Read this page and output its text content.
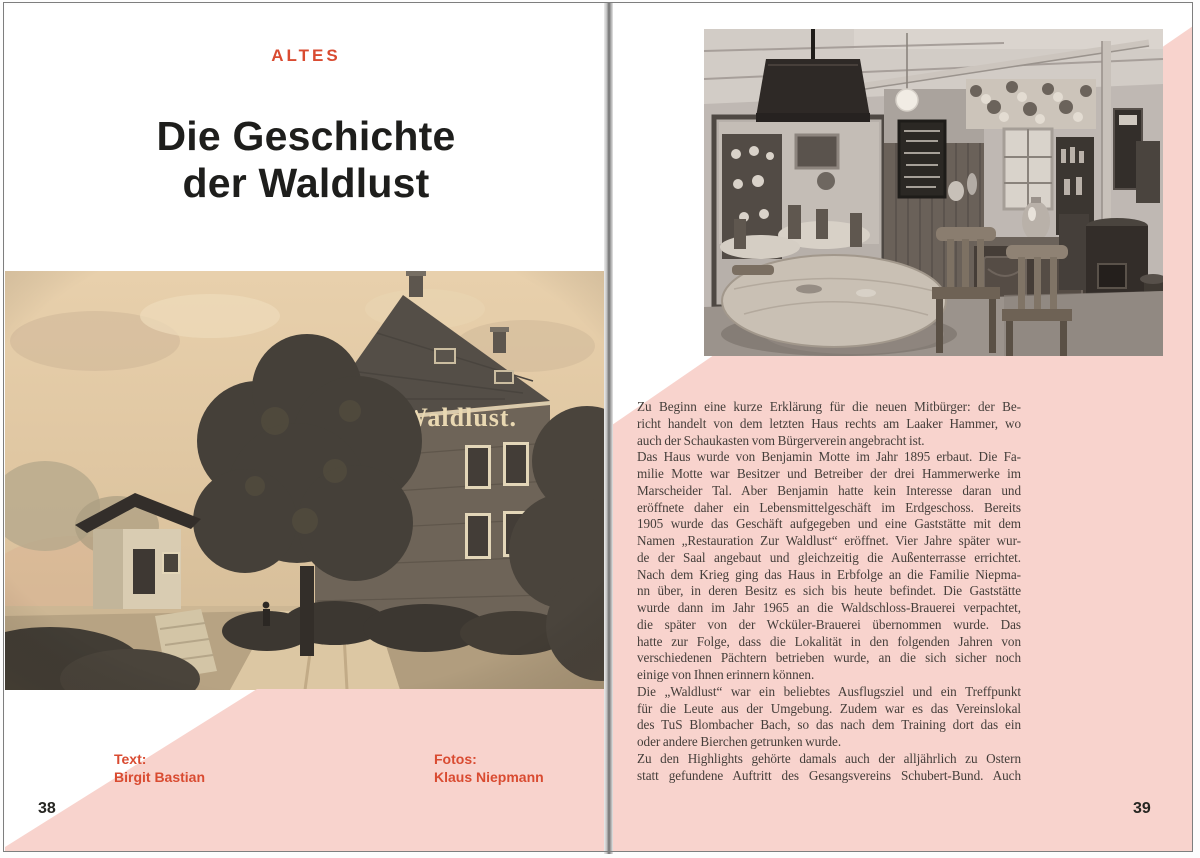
ALTES
Die Geschichte
der Waldlust
Text:
Birgit Bastian
Fotos:
Klaus Niepmann
38
Zu Beginn eine kurze Erklärung für die neuen Mitbürger: der Be-
richt handelt von dem letzten Haus rechts am Laaker Hammer, wo
auch der Schaukasten vom Bürgerverein angebracht ist.
Das Haus wurde von Benjamin Motte im Jahr 1895 erbaut. Die Fa-
milie Motte war Besitzer und Betreiber der drei Hammerwerke im
Marscheider Tal. Aber Benjamin hatte kein Interesse daran und
eröffnete daher ein Lebensmittelgeschäft im Erdgeschoss. Bereits
1905 wurde das Geschäft aufgegeben und eine Gaststätte mit dem
Namen „Restauration Zur Waldlust“ eröffnet. Vier Jahre später wur-
de der Saal angebaut und gleichzeitig die Außenterrasse errichtet.
Nach dem Krieg ging das Haus in Erbfolge an die Familie Niepma-
nn über, in deren Besitz es sich bis heute befindet. Die Gaststätte
wurde dann im Jahr 1965 an die Waldschloss-Brauerei verpachtet,
die später von der Wcküler-Brauerei übernommen wurde. Das
hatte zur Folge, dass die Lokalität in den folgenden Jahren von
verschiedenen Pächtern betrieben wurde, an die sich sicher noch
einige von Ihnen erinnern können.
Die „Waldlust“ war ein beliebtes Ausflugsziel und ein Treffpunkt
für die Leute aus der Umgebung. Zudem war es das Vereinslokal
des TuS Blombacher Bach, so das nach dem Training dort das ein
oder andere Bierchen getrunken wurde.
Zu den Highlights gehörte damals auch der alljährlich zu Ostern
statt gefundene Auftritt des Gesangsvereins Schubert-Bund. Auch
39
